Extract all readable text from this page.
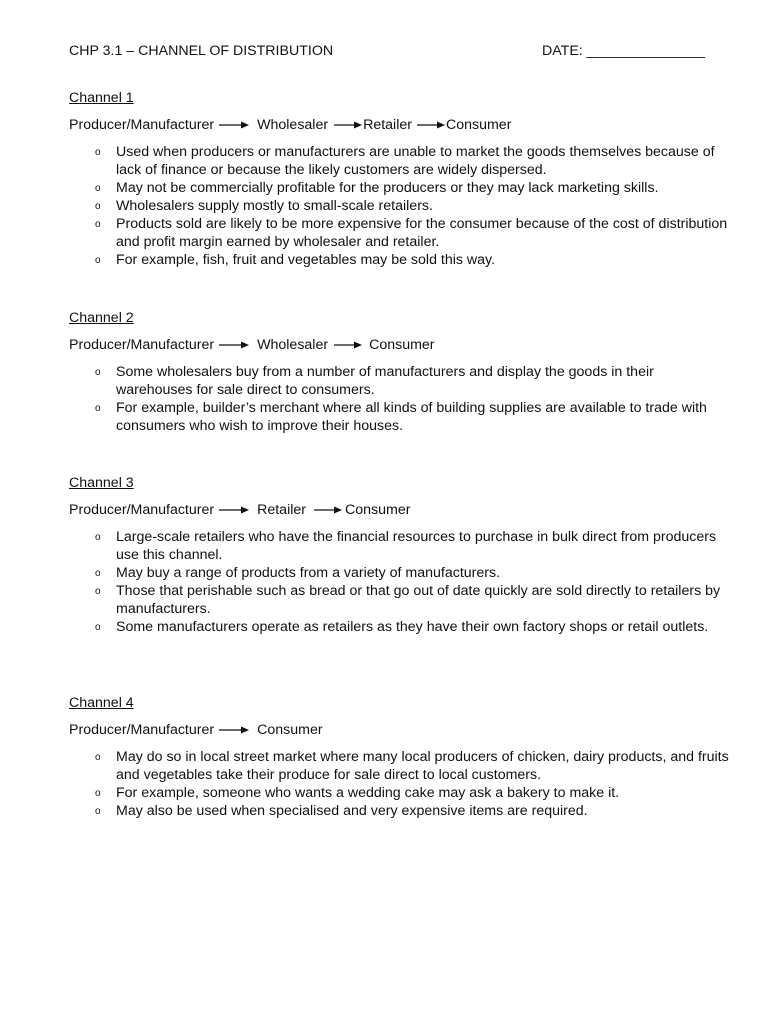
CHP 3.1 – CHANNEL OF DISTRIBUTION	DATE: _______________
Channel 1
Producer/Manufacturer	Wholesaler Retailer Consumer
o Used when producers or manufacturers are unable to market the goods themselves because of lack of finance or because the likely customers are widely dispersed.
o May not be commercially profitable for the producers or they may lack marketing skills.
o Wholesalers supply mostly to small-scale retailers.
o Products sold are likely to be more expensive for the consumer because of the cost of distribution and profit margin earned by wholesaler and retailer.
o For example, fish, fruit and vegetables may be sold this way.
Channel 2
Producer/Manufacturer	Wholesaler	Consumer
o Some wholesalers buy from a number of manufacturers and display the goods in their warehouses for sale direct to consumers.
o For example, builder’s merchant where all kinds of building supplies are available to trade with consumers who wish to improve their houses.
Channel 3
Producer/Manufacturer	Retailer	Consumer
o Large-scale retailers who have the financial resources to purchase in bulk direct from producers use this channel.
o May buy a range of products from a variety of manufacturers.
o Those that perishable such as bread or that go out of date quickly are sold directly to retailers by manufacturers.
o Some manufacturers operate as retailers as they have their own factory shops or retail outlets.
Channel 4
Producer/Manufacturer	Consumer
o May do so in local street market where many local producers of chicken, dairy products, and fruits and vegetables take their produce for sale direct to local customers.
o For example, someone who wants a wedding cake may ask a bakery to make it.
o May also be used when specialised and very expensive items are required.
